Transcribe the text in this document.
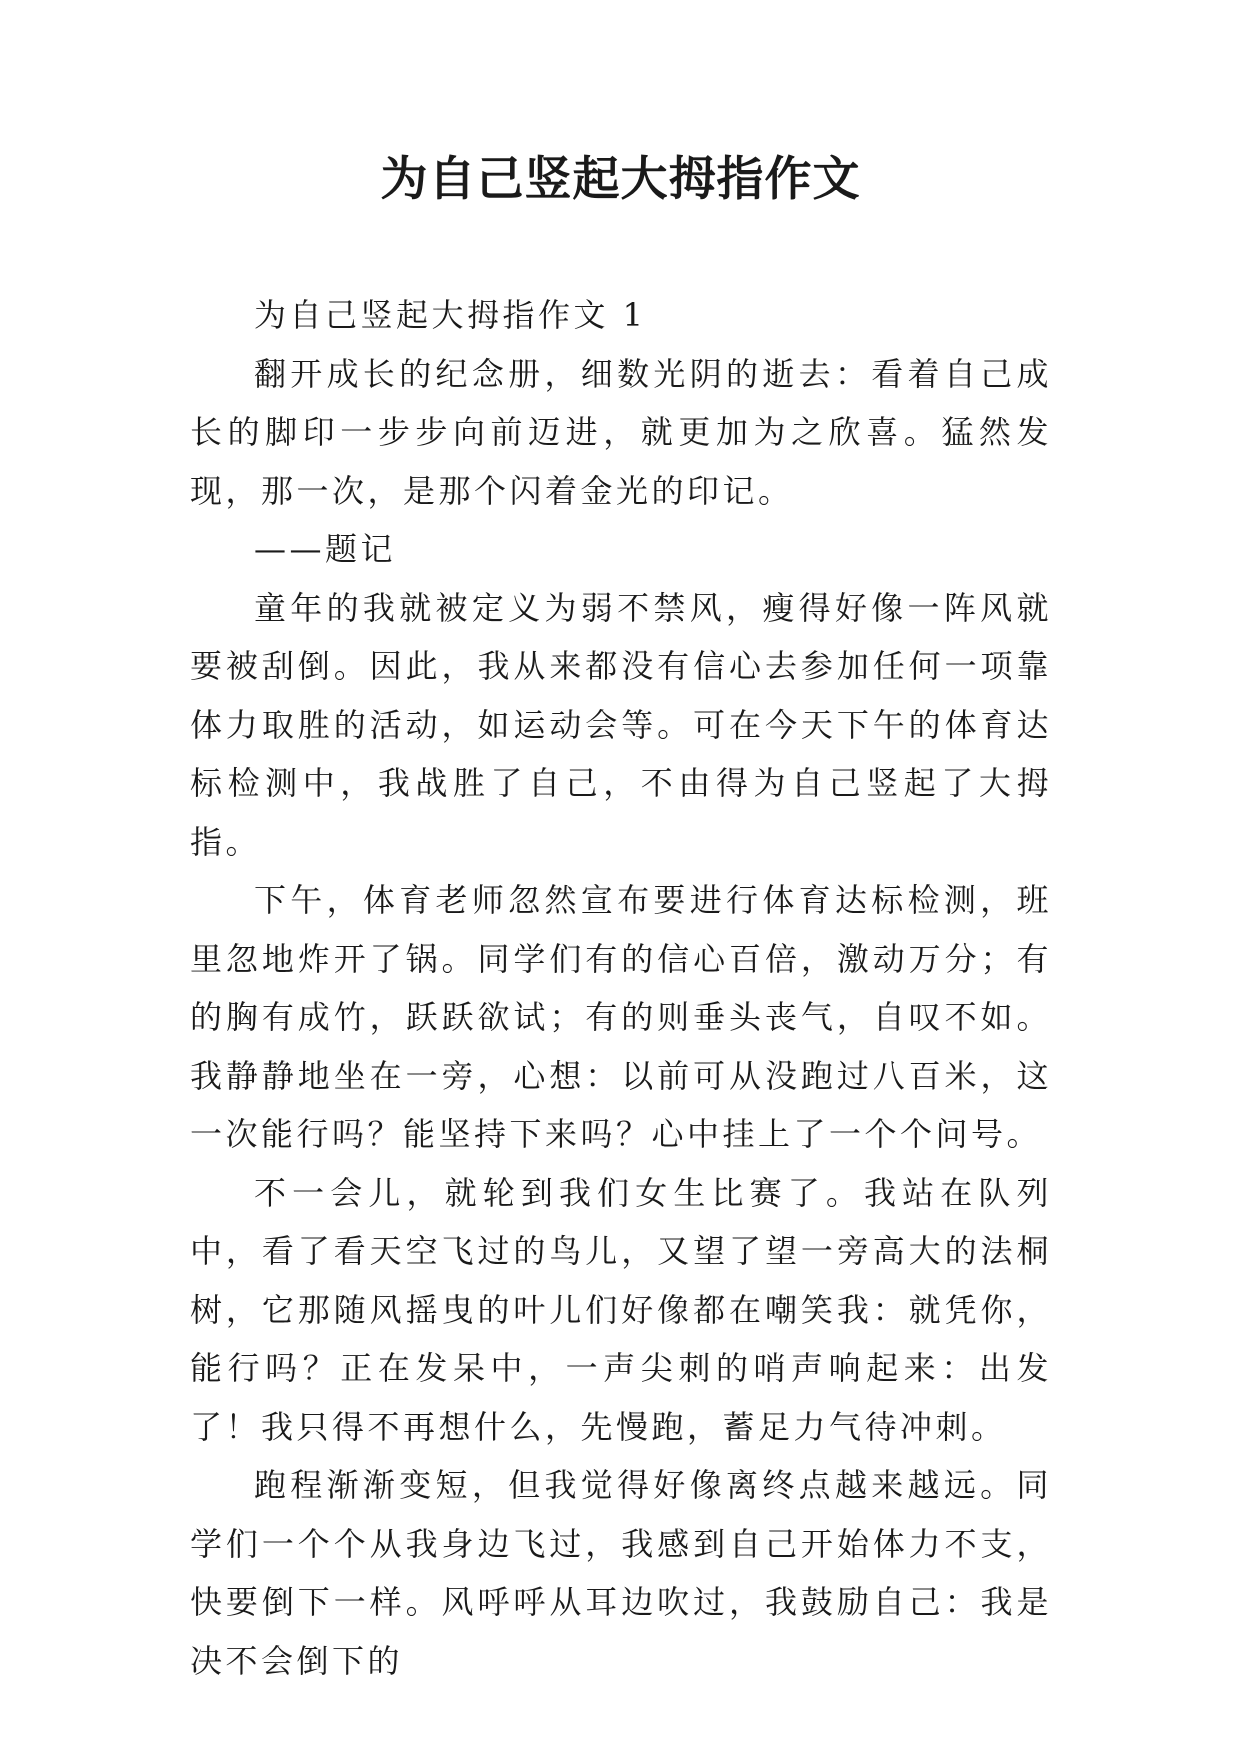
为自己竖起大拇指作文

为自己竖起大拇指作文 1

翻开成长的纪念册，细数光阴的逝去：看着自己成长的脚印一步步向前迈进，就更加为之欣喜。猛然发现，那一次，是那个闪着金光的印记。

——题记

童年的我就被定义为弱不禁风，瘦得好像一阵风就要被刮倒。因此，我从来都没有信心去参加任何一项靠体力取胜的活动，如运动会等。可在今天下午的体育达标检测中，我战胜了自己，不由得为自己竖起了大拇指。

下午，体育老师忽然宣布要进行体育达标检测，班里忽地炸开了锅。同学们有的信心百倍，激动万分；有的胸有成竹，跃跃欲试；有的则垂头丧气，自叹不如。我静静地坐在一旁，心想：以前可从没跑过八百米，这一次能行吗？能坚持下来吗？心中挂上了一个个问号。

不一会儿，就轮到我们女生比赛了。我站在队列中，看了看天空飞过的鸟儿，又望了望一旁高大的法桐树，它那随风摇曳的叶儿们好像都在嘲笑我：就凭你，能行吗？正在发呆中，一声尖刺的哨声响起来：出发了！我只得不再想什么，先慢跑，蓄足力气待冲刺。

跑程渐渐变短，但我觉得好像离终点越来越远。同学们一个个从我身边飞过，我感到自己开始体力不支，快要倒下一样。风呼呼从耳边吹过，我鼓励自己：我是决不会倒下的
